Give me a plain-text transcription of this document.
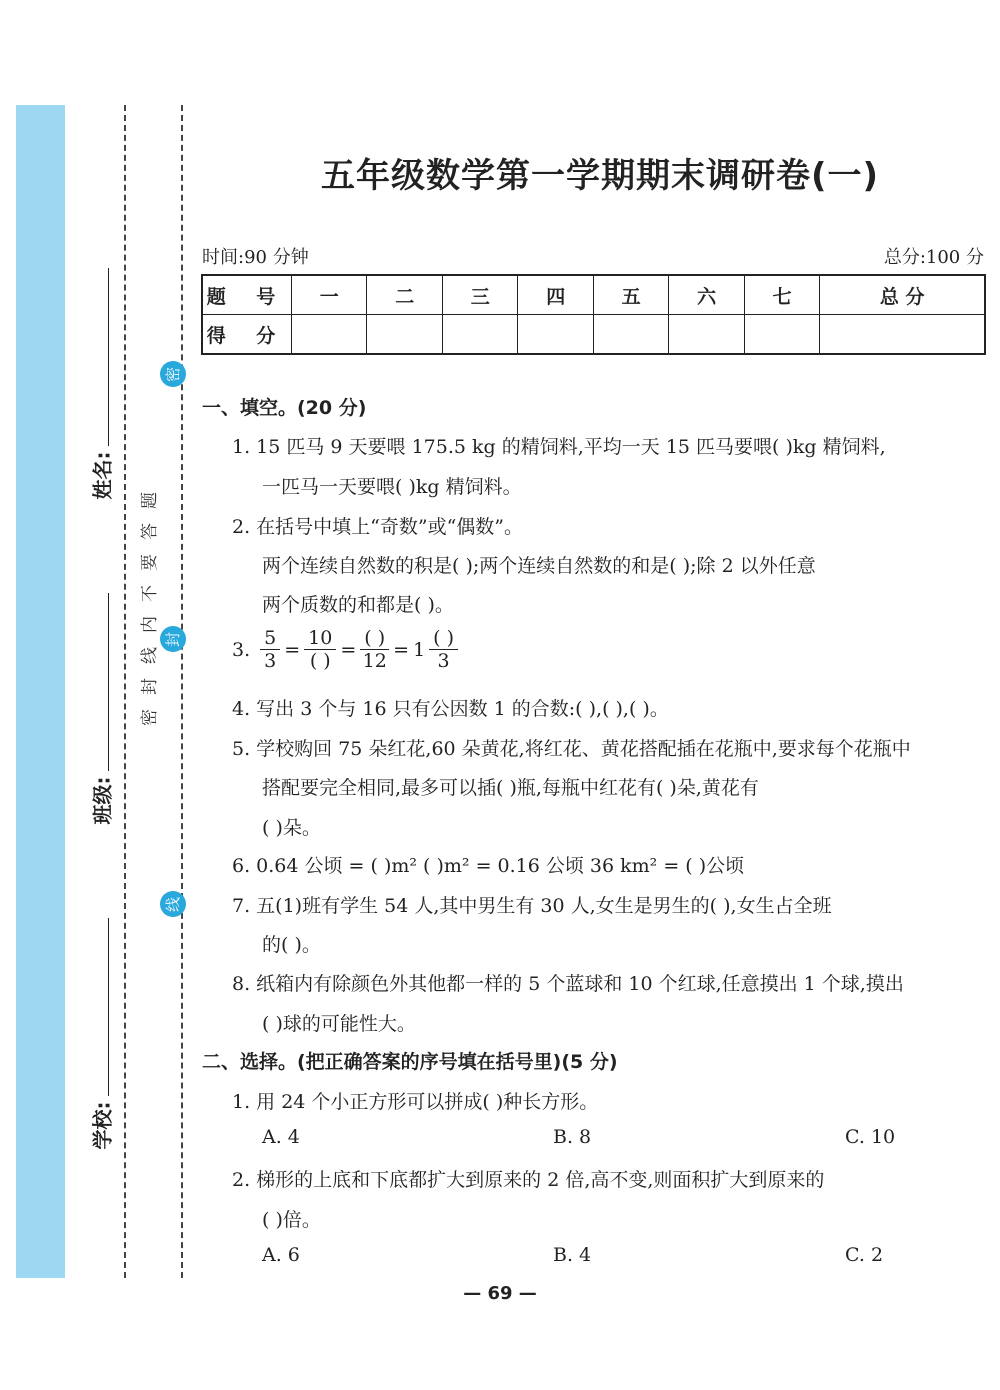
姓名:
班级:
学校:
密
封
线
题
答
要
不
内
线
封
密
五年级数学第一学期期末调研卷(一)
时间:90 分钟	总分:100 分
题 号	一	二	三	四	五	六	七	总 分
得 分								
一、填空。(20 分)
1. 15 匹马 9 天要喂 175.5 kg 的精饲料,平均一天 15 匹马要喂( )kg 精饲料,
一匹马一天要喂( )kg 精饲料。
2. 在括号中填上“奇数”或“偶数”。
两个连续自然数的积是( );两个连续自然数的和是( );除 2 以外任意
两个质数的和都是( )。
3. $\frac{5}{3} = \frac{10}{( )} = \frac{( )}{12} = 1 \frac{( )}{3}$
4. 写出 3 个与 16 只有公因数 1 的合数:( ),( ),( )。
5. 学校购回 75 朵红花,60 朵黄花,将红花、黄花搭配插在花瓶中,要求每个花瓶中
搭配要完全相同,最多可以插( )瓶,每瓶中红花有( )朵,黄花有
( )朵。
6. 0.64 公顷 = ( )m² ( )m² = 0.16 公顷 36 km² = ( )公顷
7. 五(1)班有学生 54 人,其中男生有 30 人,女生是男生的( ),女生占全班
的( )。
8. 纸箱内有除颜色外其他都一样的 5 个蓝球和 10 个红球,任意摸出 1 个球,摸出
( )球的可能性大。
二、选择。(把正确答案的序号填在括号里)(5 分)
1. 用 24 个小正方形可以拼成( )种长方形。
A. 4	B. 8	C. 10
2. 梯形的上底和下底都扩大到原来的 2 倍,高不变,则面积扩大到原来的
( )倍。
A. 6	B. 4	C. 2
— 69 —
